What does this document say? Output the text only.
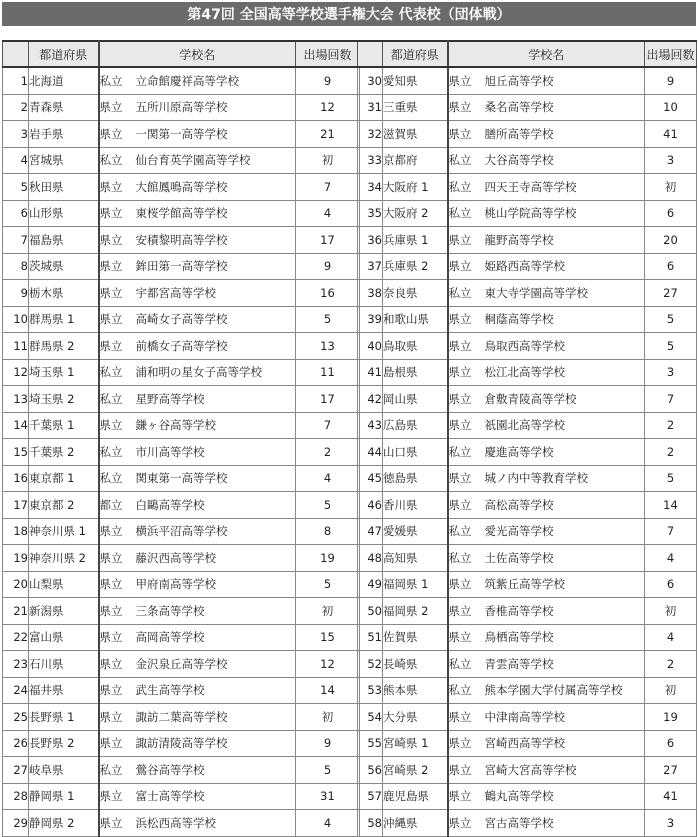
第47回 全国高等学校選手権大会 代表校（団体戦）
	都道府県	学校名	出場回数
1	北海道	私立 立命館慶祥高等学校	9
2	青森県	県立 五所川原高等学校	12
3	岩手県	県立 一関第一高等学校	21
4	宮城県	私立 仙台育英学園高等学校	初
5	秋田県	県立 大館鳳鳴高等学校	7
6	山形県	県立 東桜学館高等学校	4
7	福島県	県立 安積黎明高等学校	17
8	茨城県	県立 鉾田第一高等学校	9
9	栃木県	県立 宇都宮高等学校	16
10	群馬県 1	県立 高崎女子高等学校	5
11	群馬県 2	県立 前橋女子高等学校	13
12	埼玉県 1	私立 浦和明の星女子高等学校	11
13	埼玉県 2	私立 星野高等学校	17
14	千葉県 1	県立 鎌ヶ谷高等学校	7
15	千葉県 2	私立 市川高等学校	2
16	東京都 1	私立 関東第一高等学校	4
17	東京都 2	都立 白鷗高等学校	5
18	神奈川県 1	県立 横浜平沼高等学校	8
19	神奈川県 2	県立 藤沢西高等学校	19
20	山梨県	県立 甲府南高等学校	5
21	新潟県	県立 三条高等学校	初
22	富山県	県立 高岡高等学校	15
23	石川県	県立 金沢泉丘高等学校	12
24	福井県	県立 武生高等学校	14
25	長野県 1	県立 諏訪二葉高等学校	初
26	長野県 2	県立 諏訪清陵高等学校	9
27	岐阜県	私立 鶯谷高等学校	5
28	静岡県 1	県立 富士高等学校	31
29	静岡県 2	県立 浜松西高等学校	4
	都道府県	学校名	出場回数
30	愛知県	県立 旭丘高等学校	9
31	三重県	県立 桑名高等学校	10
32	滋賀県	県立 膳所高等学校	41
33	京都府	私立 大谷高等学校	3
34	大阪府 1	私立 四天王寺高等学校	初
35	大阪府 2	私立 桃山学院高等学校	6
36	兵庫県 1	県立 龍野高等学校	20
37	兵庫県 2	県立 姫路西高等学校	6
38	奈良県	私立 東大寺学園高等学校	27
39	和歌山県	県立 桐蔭高等学校	5
40	鳥取県	県立 鳥取西高等学校	5
41	島根県	県立 松江北高等学校	3
42	岡山県	県立 倉敷青陵高等学校	7
43	広島県	県立 祇園北高等学校	2
44	山口県	私立 慶進高等学校	2
45	徳島県	県立 城ノ内中等教育学校	5
46	香川県	県立 高松高等学校	14
47	愛媛県	私立 愛光高等学校	7
48	高知県	私立 土佐高等学校	4
49	福岡県 1	県立 筑紫丘高等学校	6
50	福岡県 2	県立 香椎高等学校	初
51	佐賀県	県立 鳥栖高等学校	4
52	長崎県	私立 青雲高等学校	2
53	熊本県	私立 熊本学園大学付属高等学校	初
54	大分県	県立 中津南高等学校	19
55	宮崎県 1	県立 宮崎西高等学校	6
56	宮崎県 2	県立 宮崎大宮高等学校	27
57	鹿児島県	県立 鶴丸高等学校	41
58	沖縄県	県立 宮古高等学校	3
